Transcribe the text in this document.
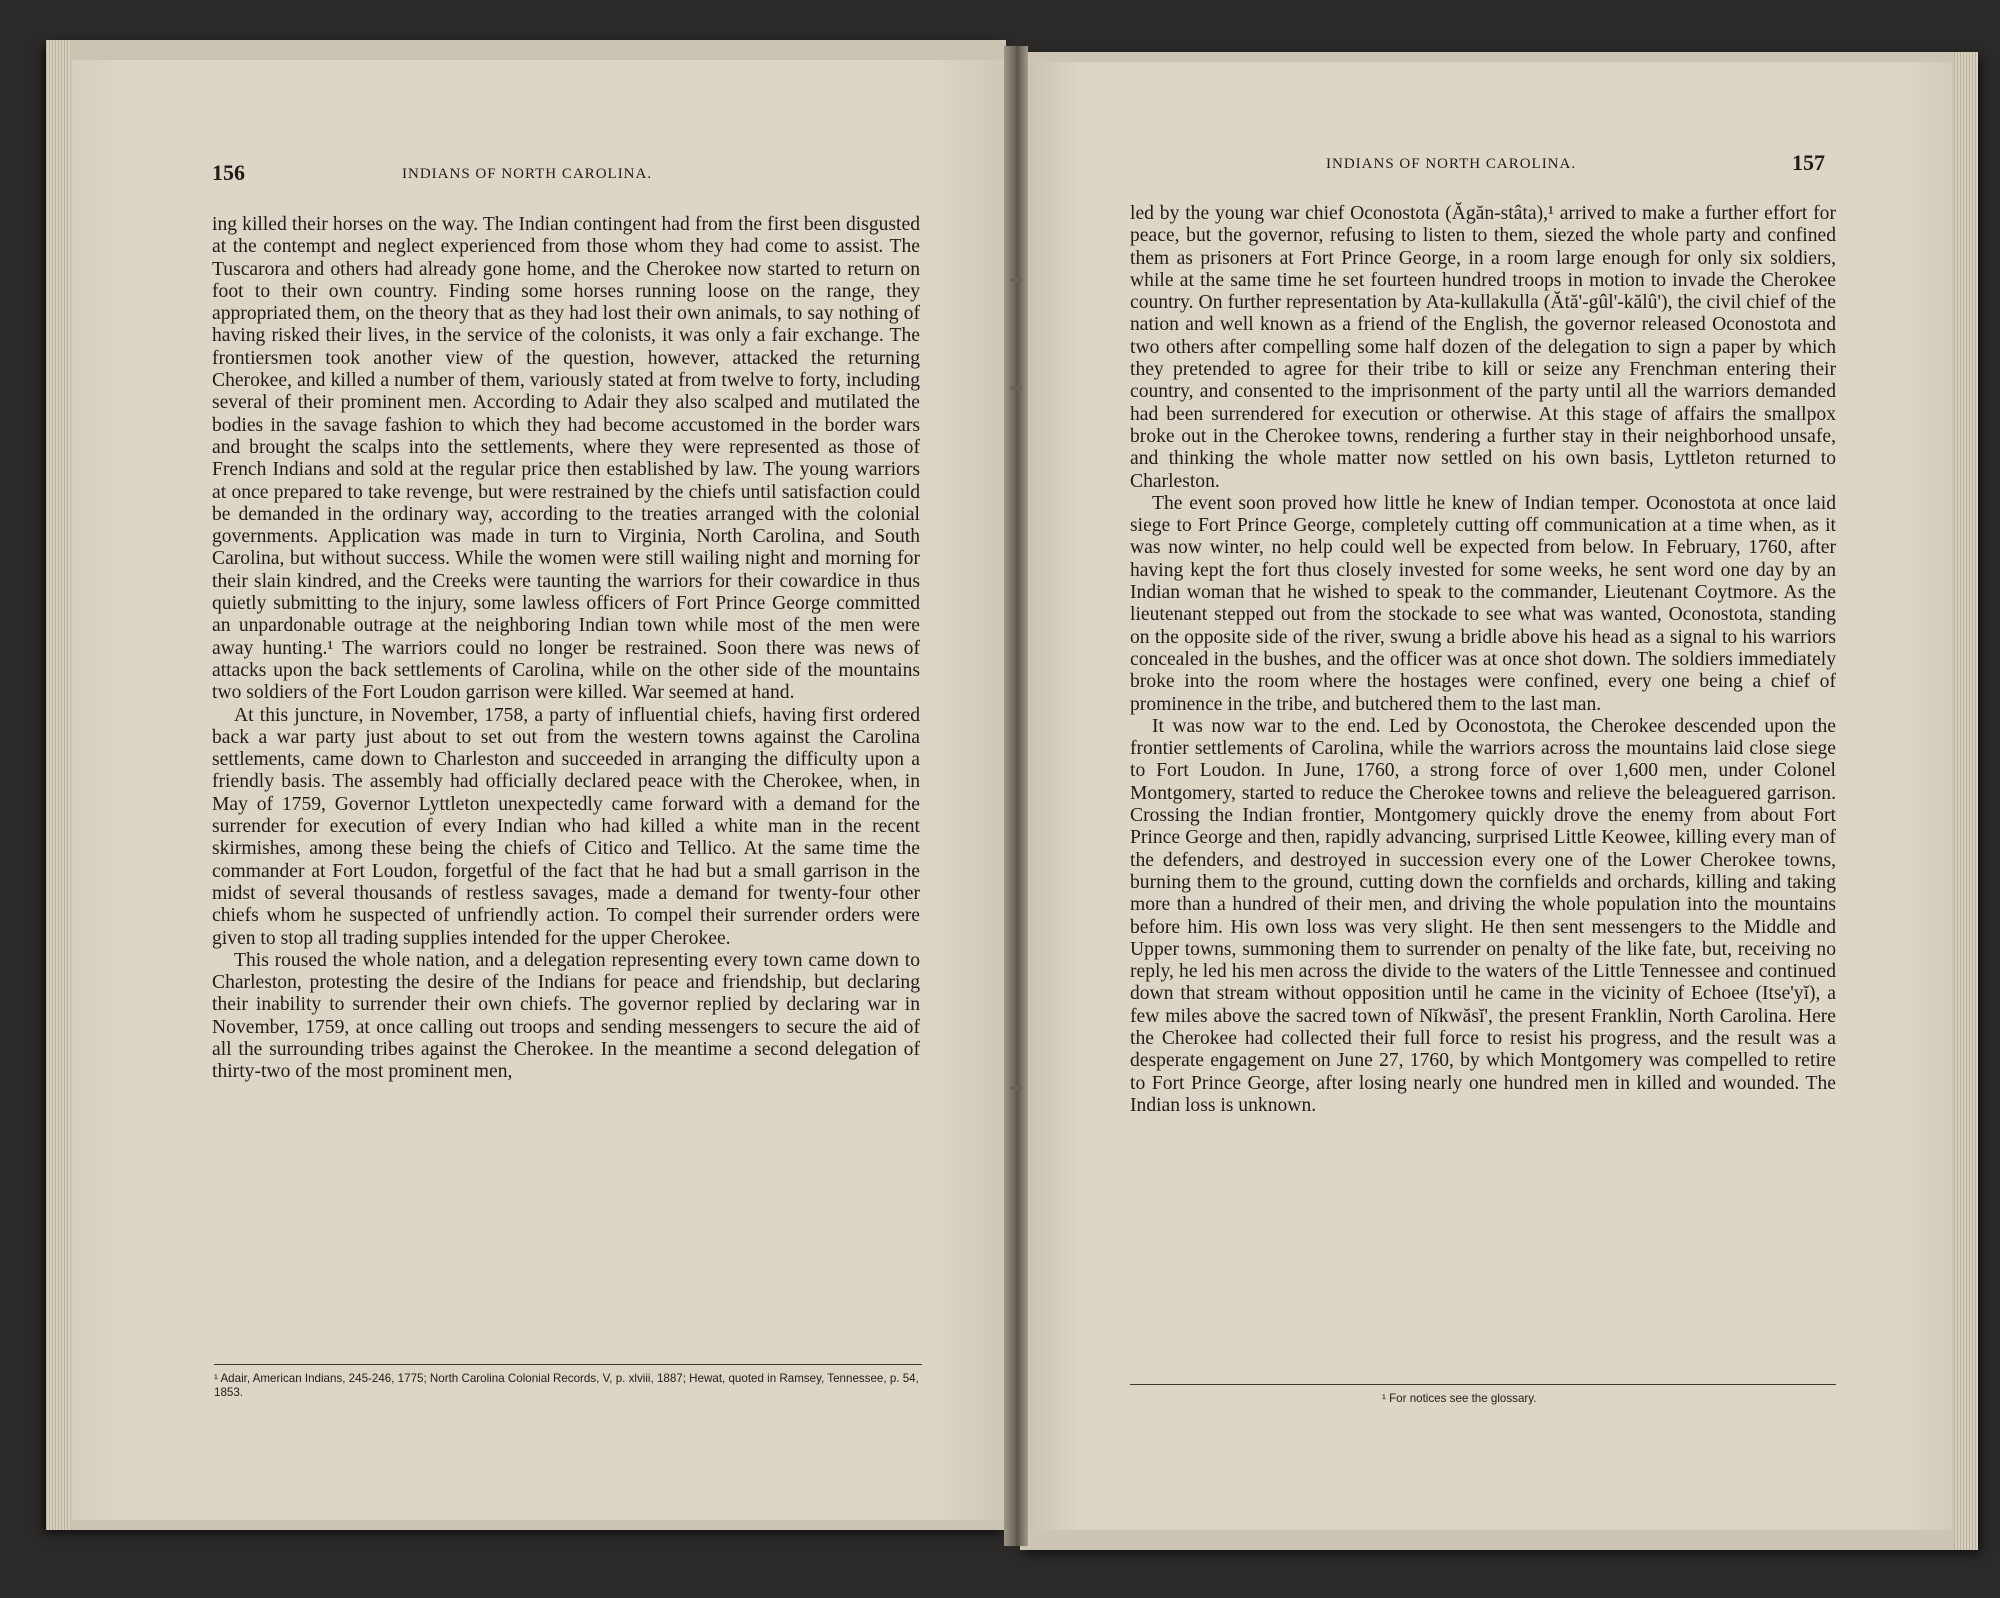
156	INDIANS OF NORTH CAROLINA.

ing killed their horses on the way. The Indian contingent had from the first been disgusted at the contempt and neglect experienced from those whom they had come to assist. The Tuscarora and others had already gone home, and the Cherokee now started to return on foot to their own country. Finding some horses running loose on the range, they appropriated them, on the theory that as they had lost their own animals, to say nothing of having risked their lives, in the service of the colonists, it was only a fair exchange. The frontiersmen took another view of the question, however, attacked the returning Cherokee, and killed a number of them, variously stated at from twelve to forty, including several of their prominent men. According to Adair they also scalped and mutilated the bodies in the savage fashion to which they had become accustomed in the border wars and brought the scalps into the settlements, where they were represented as those of French Indians and sold at the regular price then established by law. The young warriors at once prepared to take revenge, but were restrained by the chiefs until satisfaction could be demanded in the ordinary way, according to the treaties arranged with the colonial governments. Application was made in turn to Virginia, North Carolina, and South Carolina, but without success. While the women were still wailing night and morning for their slain kindred, and the Creeks were taunting the warriors for their cowardice in thus quietly submitting to the injury, some lawless officers of Fort Prince George committed an unpardonable outrage at the neighboring Indian town while most of the men were away hunting.¹ The warriors could no longer be restrained. Soon there was news of attacks upon the back settlements of Carolina, while on the other side of the mountains two soldiers of the Fort Loudon garrison were killed. War seemed at hand.

At this juncture, in November, 1758, a party of influential chiefs, having first ordered back a war party just about to set out from the western towns against the Carolina settlements, came down to Charleston and succeeded in arranging the difficulty upon a friendly basis. The assembly had officially declared peace with the Cherokee, when, in May of 1759, Governor Lyttleton unexpectedly came forward with a demand for the surrender for execution of every Indian who had killed a white man in the recent skirmishes, among these being the chiefs of Citico and Tellico. At the same time the commander at Fort Loudon, forgetful of the fact that he had but a small garrison in the midst of several thousands of restless savages, made a demand for twenty-four other chiefs whom he suspected of unfriendly action. To compel their surrender orders were given to stop all trading supplies intended for the upper Cherokee.

This roused the whole nation, and a delegation representing every town came down to Charleston, protesting the desire of the Indians for peace and friendship, but declaring their inability to surrender their own chiefs. The governor replied by declaring war in November, 1759, at once calling out troops and sending messengers to secure the aid of all the surrounding tribes against the Cherokee. In the meantime a second delegation of thirty-two of the most prominent men,

¹ Adair, American Indians, 245-246, 1775; North Carolina Colonial Records, V, p. xlviii, 1887; Hewat, quoted in Ramsey, Tennessee, p. 54, 1853.
INDIANS OF NORTH CAROLINA.	157

led by the young war chief Oconostota (Ăgăn-stâta),¹ arrived to make a further effort for peace, but the governor, refusing to listen to them, siezed the whole party and confined them as prisoners at Fort Prince George, in a room large enough for only six soldiers, while at the same time he set fourteen hundred troops in motion to invade the Cherokee country. On further representation by Ata-kullakulla (Ătă'-gûl'-kălû'), the civil chief of the nation and well known as a friend of the English, the governor released Oconostota and two others after compelling some half dozen of the delegation to sign a paper by which they pretended to agree for their tribe to kill or seize any Frenchman entering their country, and consented to the imprisonment of the party until all the warriors demanded had been surrendered for execution or otherwise. At this stage of affairs the smallpox broke out in the Cherokee towns, rendering a further stay in their neighborhood unsafe, and thinking the whole matter now settled on his own basis, Lyttleton returned to Charleston.

The event soon proved how little he knew of Indian temper. Oconostota at once laid siege to Fort Prince George, completely cutting off communication at a time when, as it was now winter, no help could well be expected from below. In February, 1760, after having kept the fort thus closely invested for some weeks, he sent word one day by an Indian woman that he wished to speak to the commander, Lieutenant Coytmore. As the lieutenant stepped out from the stockade to see what was wanted, Oconostota, standing on the opposite side of the river, swung a bridle above his head as a signal to his warriors concealed in the bushes, and the officer was at once shot down. The soldiers immediately broke into the room where the hostages were confined, every one being a chief of prominence in the tribe, and butchered them to the last man.

It was now war to the end. Led by Oconostota, the Cherokee descended upon the frontier settlements of Carolina, while the warriors across the mountains laid close siege to Fort Loudon. In June, 1760, a strong force of over 1,600 men, under Colonel Montgomery, started to reduce the Cherokee towns and relieve the beleaguered garrison. Crossing the Indian frontier, Montgomery quickly drove the enemy from about Fort Prince George and then, rapidly advancing, surprised Little Keowee, killing every man of the defenders, and destroyed in succession every one of the Lower Cherokee towns, burning them to the ground, cutting down the cornfields and orchards, killing and taking more than a hundred of their men, and driving the whole population into the mountains before him. His own loss was very slight. He then sent messengers to the Middle and Upper towns, summoning them to surrender on penalty of the like fate, but, receiving no reply, he led his men across the divide to the waters of the Little Tennessee and continued down that stream without opposition until he came in the vicinity of Echoee (Itse'yĭ), a few miles above the sacred town of Nĭkwăsĭ', the present Franklin, North Carolina. Here the Cherokee had collected their full force to resist his progress, and the result was a desperate engagement on June 27, 1760, by which Montgomery was compelled to retire to Fort Prince George, after losing nearly one hundred men in killed and wounded. The Indian loss is unknown.

¹ For notices see the glossary.
